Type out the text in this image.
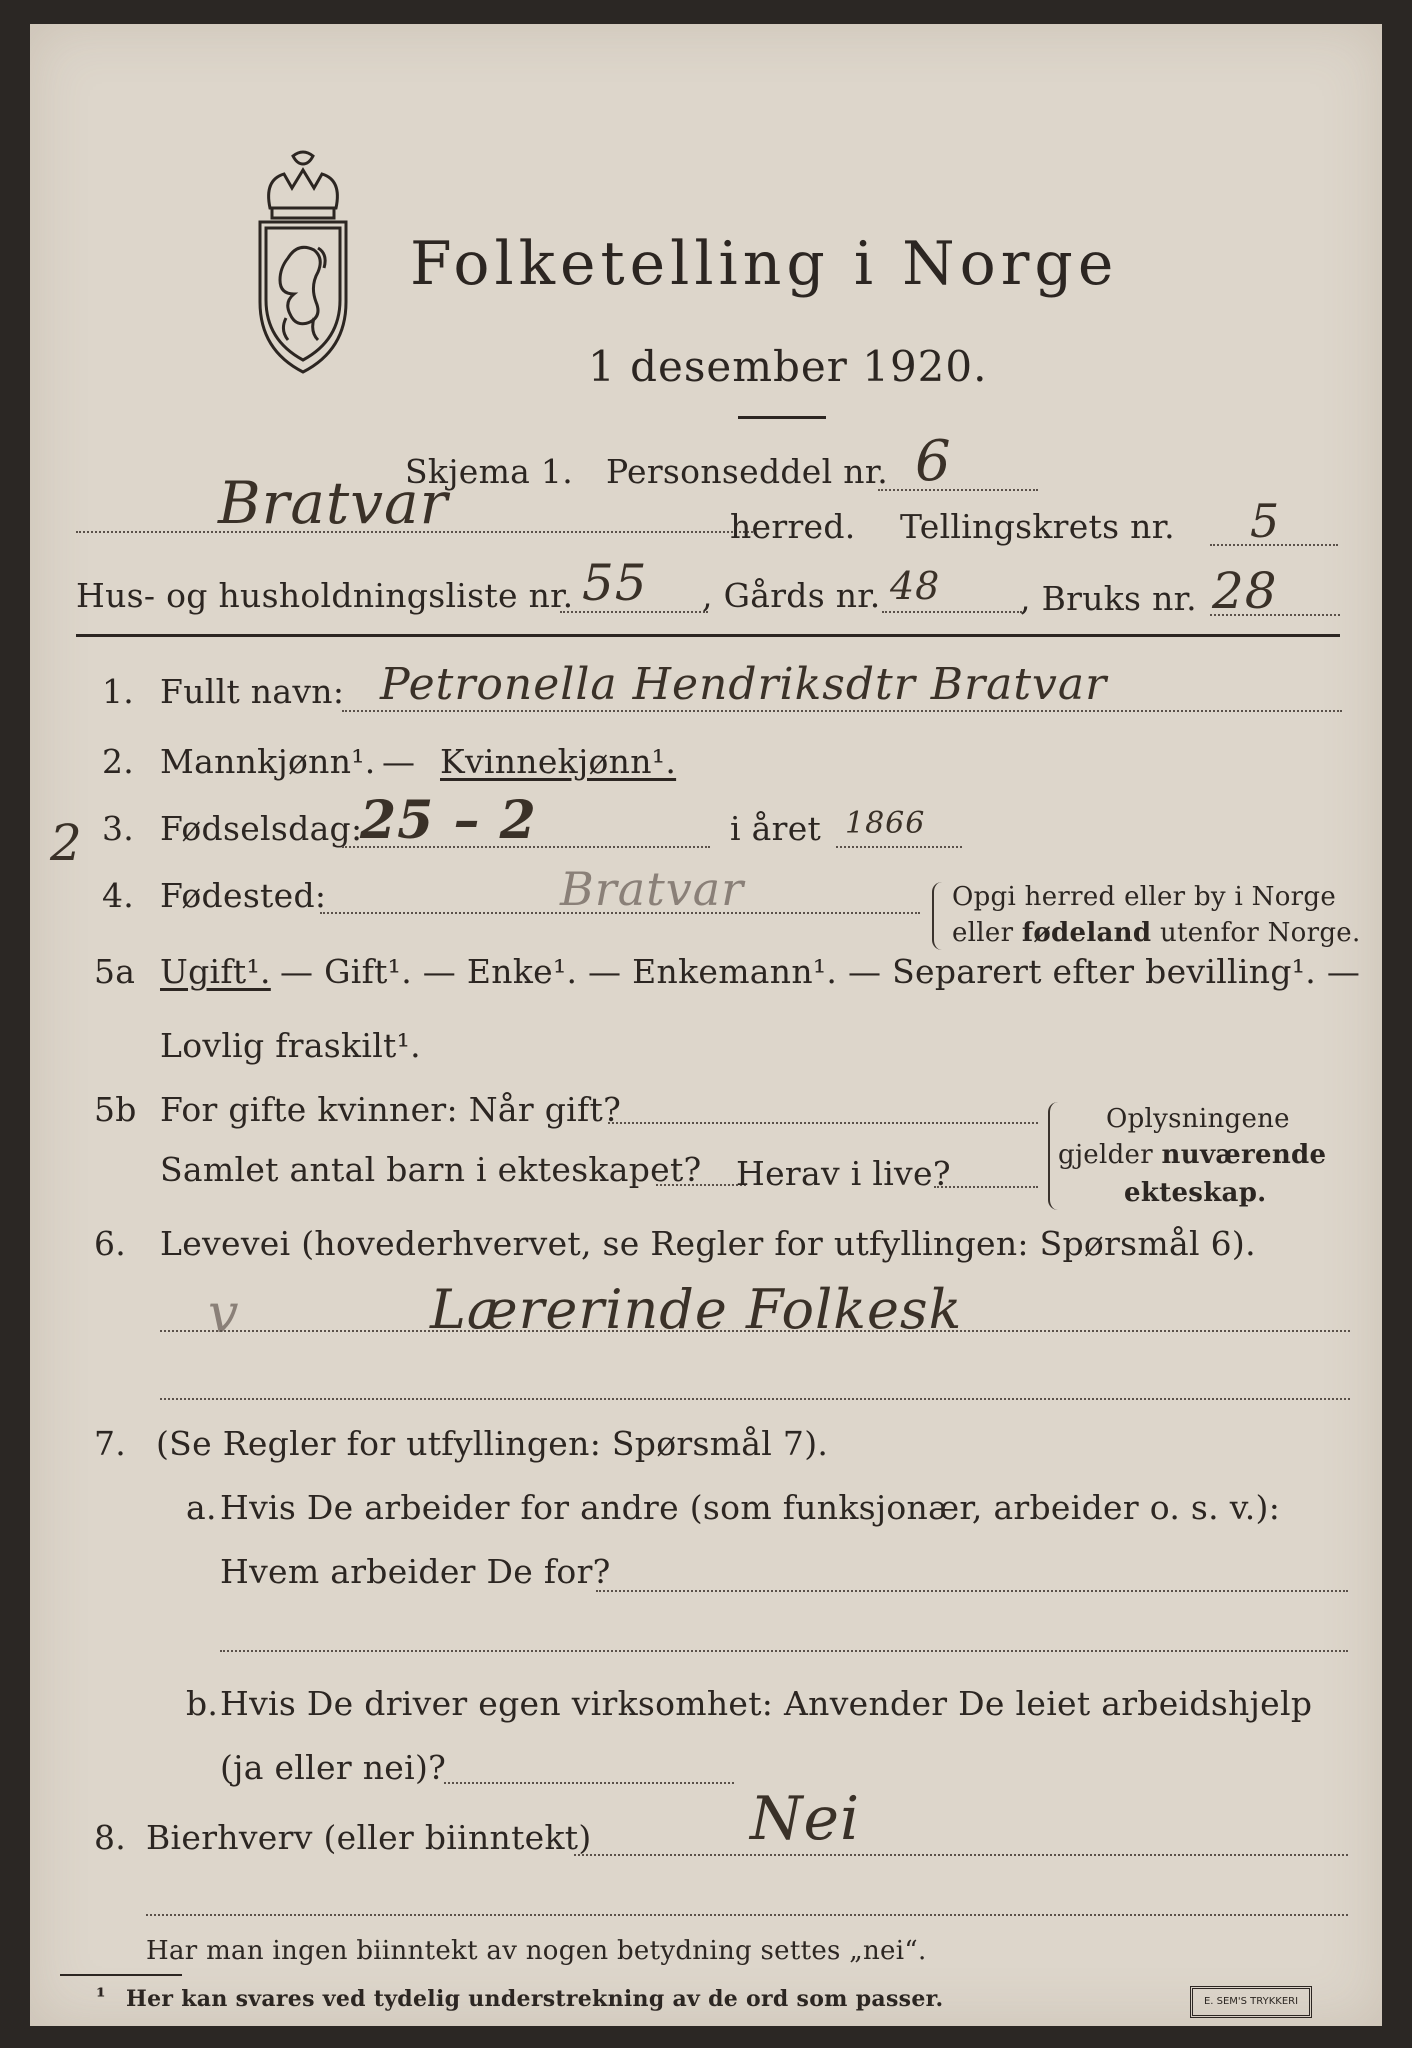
Folketelling i Norge
1 desember 1920.
Skjema 1. Personseddel nr. 6
Bratvar	herred. Tellingskrets nr. 5
Hus- og husholdningsliste nr. 55 , Gårds nr. 48 , Bruks nr. 28
1. Fullt navn: Petronella Hendriksdtr Bratvar
2. Mannkjønn¹. — Kvinnekjønn¹.
2 3. Fødselsdag:
25 – 2	i året 1866
4. Fødested:	Bratvar	Opgi herred eller by i Norge
eller fødeland utenfor Norge.
5a Ugift¹. — Gift¹. — Enke¹. — Enkemann¹. — Separert efter bevilling¹. —
Lovlig fraskilt¹.
5b For gifte kvinner: Når gift?
Samlet antal barn i ekteskapet? Herav i live?
Oplysningene
gjelder nuværende
ekteskap.
6. Levevei (hovederhvervet, se Regler for utfyllingen: Spørsmål 6).
v	Lærerinde Folkesk
7. (Se Regler for utfyllingen: Spørsmål 7).
a. Hvis De arbeider for andre (som funksjonær, arbeider o. s. v.):
Hvem arbeider De for?
b. Hvis De driver egen virksomhet: Anvender De leiet arbeidshjelp
(ja eller nei)?
8. Bierhverv (eller biinntekt)	Nei
Har man ingen biinntekt av nogen betydning settes „nei“.
¹ Her kan svares ved tydelig understrekning av de ord som passer.	E. SEM'S TRYKKERI
